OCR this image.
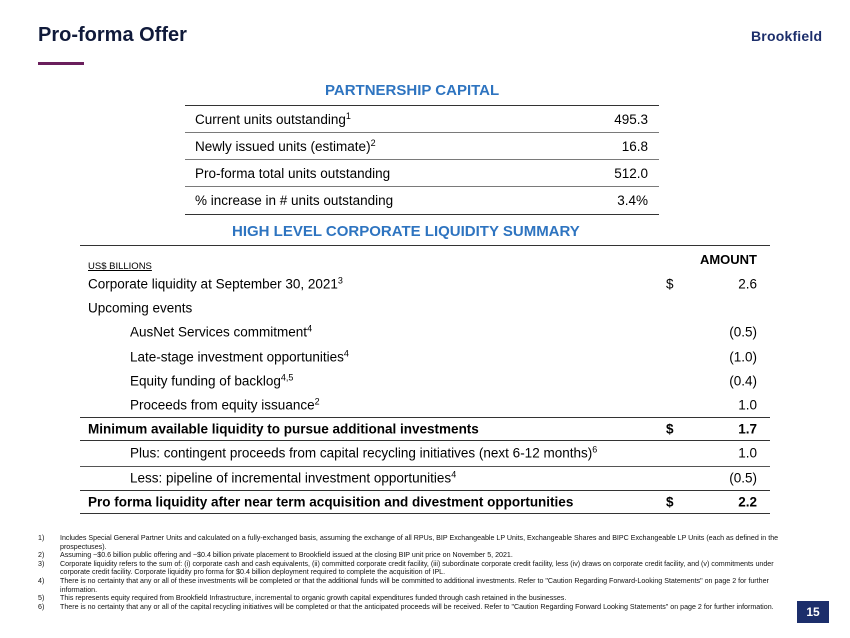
Pro-forma Offer	Brookfield
PARTNERSHIP CAPITAL
Current units outstanding$^1$	495.3
Newly issued units (estimate)$^2$	16.8
Pro-forma total units outstanding	512.0
% increase in # units outstanding	3.4%
HIGH LEVEL CORPORATE LIQUIDITY SUMMARY
US$ BILLIONS	AMOUNT
Corporate liquidity at September 30, 2021$^3$	$	2.6
Upcoming events
AusNet Services commitment$^4$	(0.5)
Late-stage investment opportunities$^4$	(1.0)
Equity funding of backlog$^{4,5}$	(0.4)
Proceeds from equity issuance$^2$	1.0
Minimum available liquidity to pursue additional investments	$	1.7
Plus: contingent proceeds from capital recycling initiatives (next 6-12 months)$^6$	1.0
Less: pipeline of incremental investment opportunities$^4$	(0.5)
Pro forma liquidity after near term acquisition and divestment opportunities	$	2.2
1)	Includes Special General Partner Units and calculated on a fully-exchanged basis, assuming the exchange of all RPUs, BIP Exchangeable LP Units, Exchangeable Shares and BIPC Exchangeable LP Units (each as defined in the prospectuses).
2)	Assuming ~$0.6 billion public offering and ~$0.4 billion private placement to Brookfield issued at the closing BIP unit price on November 5, 2021.
3)	Corporate liquidity refers to the sum of: (i) corporate cash and cash equivalents, (ii) committed corporate credit facility, (iii) subordinate corporate credit facility, less (iv) draws on corporate credit facility, and (v) commitments under corporate credit facility. Corporate liquidity pro forma for $0.4 billion deployment required to complete the acquisition of IPL.
4)	There is no certainty that any or all of these investments will be completed or that the additional funds will be committed to additional investments. Refer to "Caution Regarding Forward-Looking Statements" on page 2 for further information.
5)	This represents equity required from Brookfield Infrastructure, incremental to organic growth capital expenditures funded through cash retained in the businesses.
6)	There is no certainty that any or all of the capital recycling initiatives will be completed or that the anticipated proceeds will be received. Refer to "Caution Regarding Forward Looking Statements" on page 2 for further information.	15
